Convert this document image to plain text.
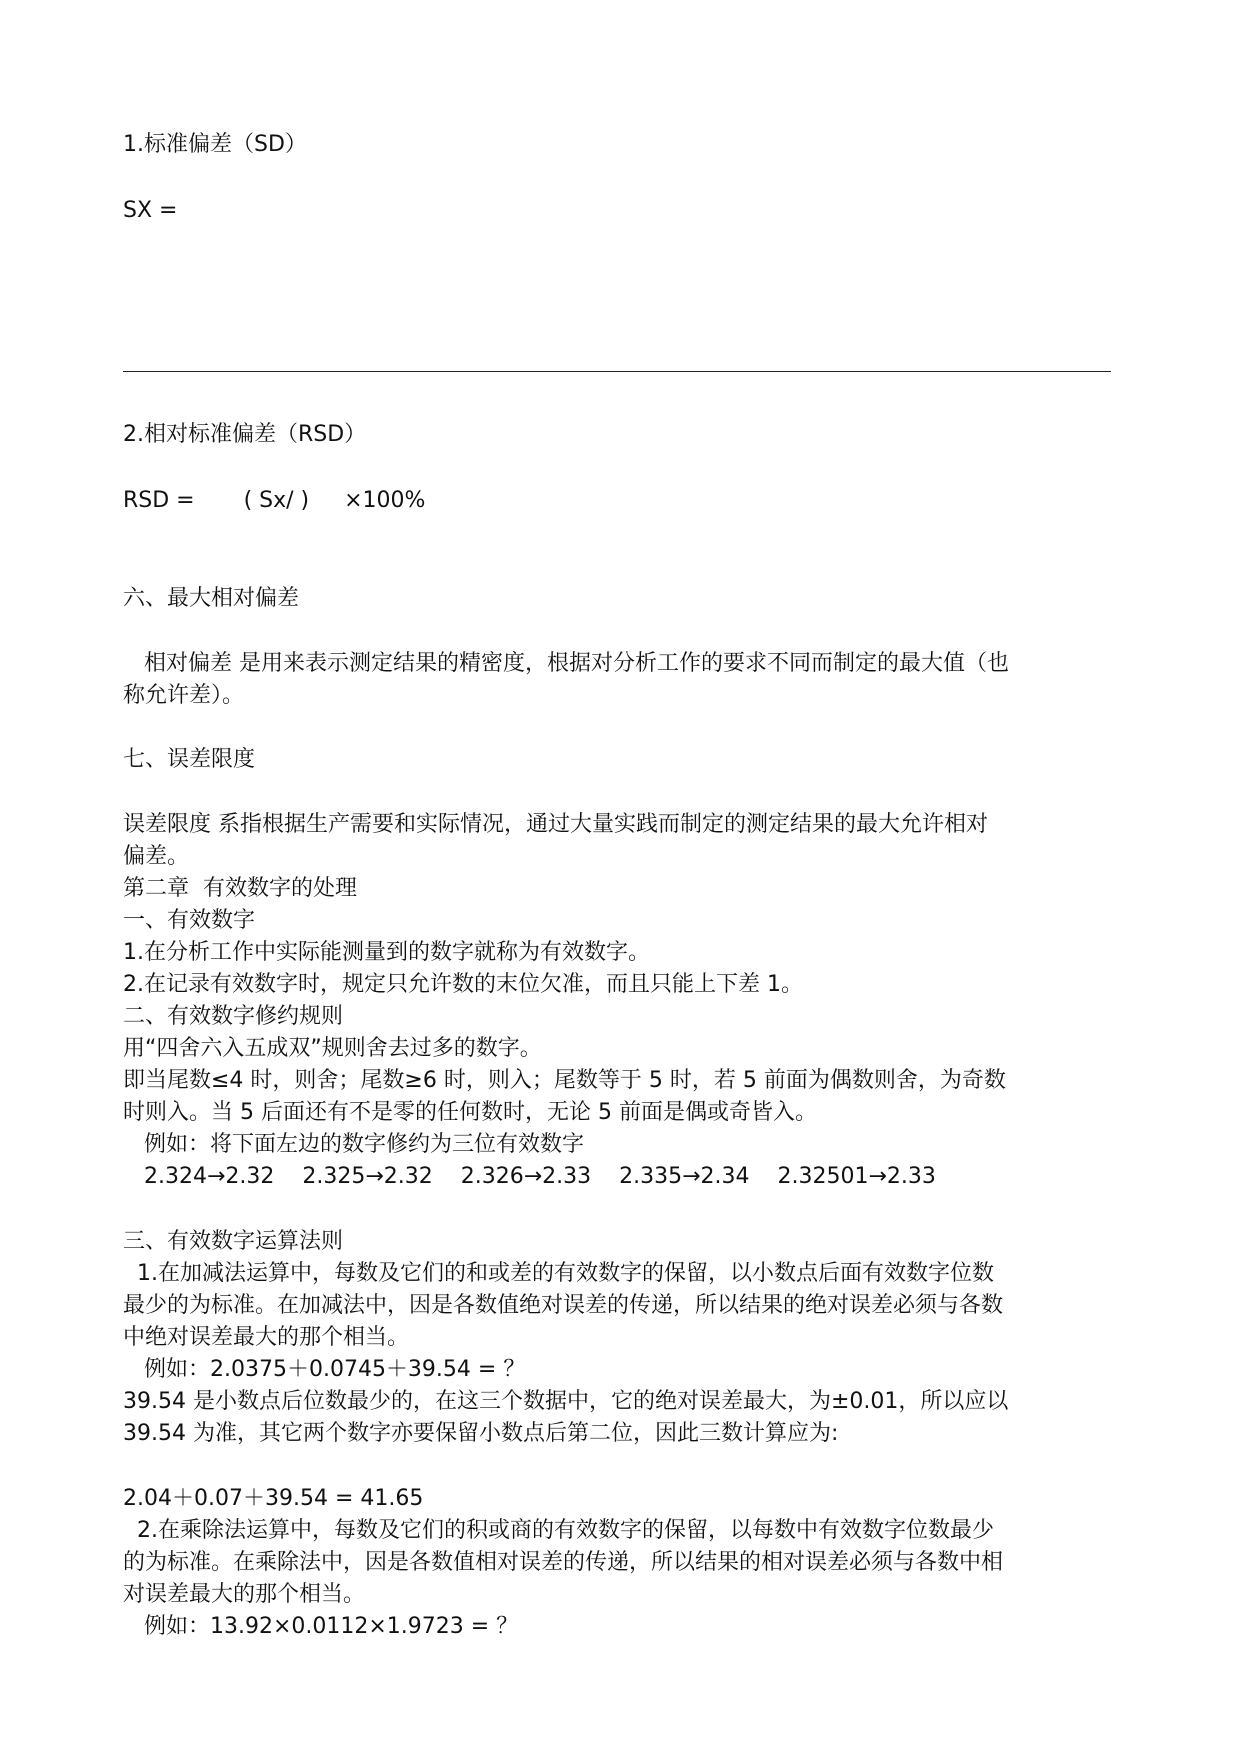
1.标准偏差（SD）
SX =
2.相对标准偏差（RSD）
RSD =       ( Sx/ )     ×100%
六、最大相对偏差
相对偏差 是用来表示测定结果的精密度，根据对分析工作的要求不同而制定的最大值（也
称允许差）。
七、误差限度
误差限度 系指根据生产需要和实际情况，通过大量实践而制定的测定结果的最大允许相对
偏差。
第二章  有效数字的处理
一、有效数字
1.在分析工作中实际能测量到的数字就称为有效数字。
2.在记录有效数字时，规定只允许数的末位欠准，而且只能上下差 1。
二、有效数字修约规则
用“四舍六入五成双”规则舍去过多的数字。
即当尾数≤4 时，则舍；尾数≥6 时，则入；尾数等于 5 时，若 5 前面为偶数则舍，为奇数
时则入。当 5 后面还有不是零的任何数时，无论 5 前面是偶或奇皆入。
例如：将下面左边的数字修约为三位有效数字
2.324→2.32    2.325→2.32    2.326→2.33    2.335→2.34    2.32501→2.33
三、有效数字运算法则
1.在加减法运算中，每数及它们的和或差的有效数字的保留，以小数点后面有效数字位数
最少的为标准。在加减法中，因是各数值绝对误差的传递，所以结果的绝对误差必须与各数
中绝对误差最大的那个相当。
例如：2.0375＋0.0745＋39.54 = ？
39.54 是小数点后位数最少的，在这三个数据中，它的绝对误差最大，为±0.01，所以应以
39.54 为准，其它两个数字亦要保留小数点后第二位，因此三数计算应为:
2.04＋0.07＋39.54 = 41.65
2.在乘除法运算中，每数及它们的积或商的有效数字的保留，以每数中有效数字位数最少
的为标准。在乘除法中，因是各数值相对误差的传递，所以结果的相对误差必须与各数中相
对误差最大的那个相当。
例如：13.92×0.0112×1.9723 = ？
